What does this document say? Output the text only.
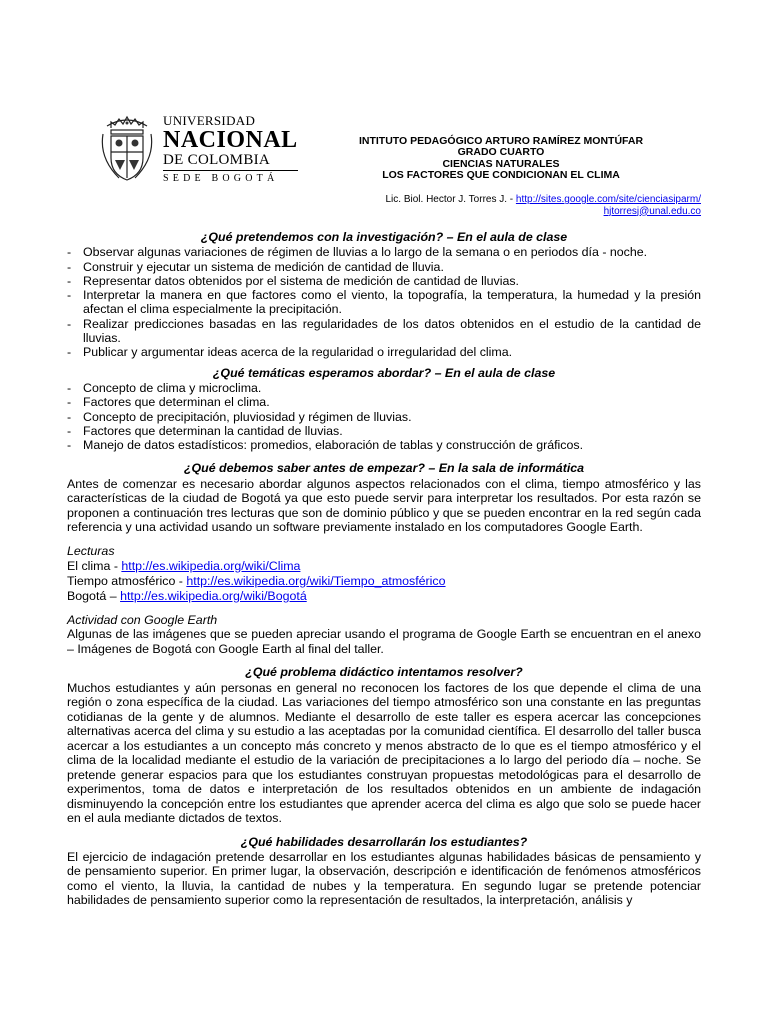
UNIVERSIDAD
NACIONAL
DE COLOMBIA
SEDE BOGOTÁ
INTITUTO PEDAGÓGICO ARTURO RAMÍREZ MONTÚFAR
GRADO CUARTO
CIENCIAS NATURALES
LOS FACTORES QUE CONDICIONAN EL CLIMA
Lic. Biol. Hector J. Torres J. - http://sites.google.com/site/cienciasiparm/
hjtorresj@unal.edu.co
¿Qué pretendemos con la investigación? – En el aula de clase
- Observar algunas variaciones de régimen de lluvias a lo largo de la semana o en periodos día - noche.
- Construir y ejecutar un sistema de medición de cantidad de lluvia.
- Representar datos obtenidos por el sistema de medición de cantidad de lluvias.
- Interpretar la manera en que factores como el viento, la topografía, la temperatura, la humedad y la presión afectan el clima especialmente la precipitación.
- Realizar predicciones basadas en las regularidades de los datos obtenidos en el estudio de la cantidad de lluvias.
- Publicar y argumentar ideas acerca de la regularidad o irregularidad del clima.
¿Qué temáticas esperamos abordar? – En el aula de clase
- Concepto de clima y microclima.
- Factores que determinan el clima.
- Concepto de precipitación, pluviosidad y régimen de lluvias.
- Factores que determinan la cantidad de lluvias.
- Manejo de datos estadísticos: promedios, elaboración de tablas y construcción de gráficos.
¿Qué debemos saber antes de empezar? – En la sala de informática

Antes de comenzar es necesario abordar algunos aspectos relacionados con el clima, tiempo atmosférico y las características de la ciudad de Bogotá ya que esto puede servir para interpretar los resultados. Por esta razón se proponen a continuación tres lecturas que son de dominio público y que se pueden encontrar en la red según cada referencia y una actividad usando un software previamente instalado en los computadores Google Earth.

Lecturas
El clima - http://es.wikipedia.org/wiki/Clima
Tiempo atmosférico - http://es.wikipedia.org/wiki/Tiempo_atmosférico
Bogotá – http://es.wikipedia.org/wiki/Bogotá
Actividad con Google Earth

Algunas de las imágenes que se pueden apreciar usando el programa de Google Earth se encuentran en el anexo – Imágenes de Bogotá con Google Earth al final del taller.

¿Qué problema didáctico intentamos resolver?

Muchos estudiantes y aún personas en general no reconocen los factores de los que depende el clima de una región o zona específica de la ciudad. Las variaciones del tiempo atmosférico son una constante en las preguntas cotidianas de la gente y de alumnos. Mediante el desarrollo de este taller es espera acercar las concepciones alternativas acerca del clima y su estudio a las aceptadas por la comunidad científica. El desarrollo del taller busca acercar a los estudiantes a un concepto más concreto y menos abstracto de lo que es el tiempo atmosférico y el clima de la localidad mediante el estudio de la variación de precipitaciones a lo largo del periodo día – noche. Se pretende generar espacios para que los estudiantes construyan propuestas metodológicas para el desarrollo de experimentos, toma de datos e interpretación de los resultados obtenidos en un ambiente de indagación disminuyendo la concepción entre los estudiantes que aprender acerca del clima es algo que solo se puede hacer en el aula mediante dictados de textos.

¿Qué habilidades desarrollarán los estudiantes?

El ejercicio de indagación pretende desarrollar en los estudiantes algunas habilidades básicas de pensamiento y de pensamiento superior. En primer lugar, la observación, descripción e identificación de fenómenos atmosféricos como el viento, la lluvia, la cantidad de nubes y la temperatura. En segundo lugar se pretende potenciar habilidades de pensamiento superior como la representación de resultados, la interpretación, análisis y
